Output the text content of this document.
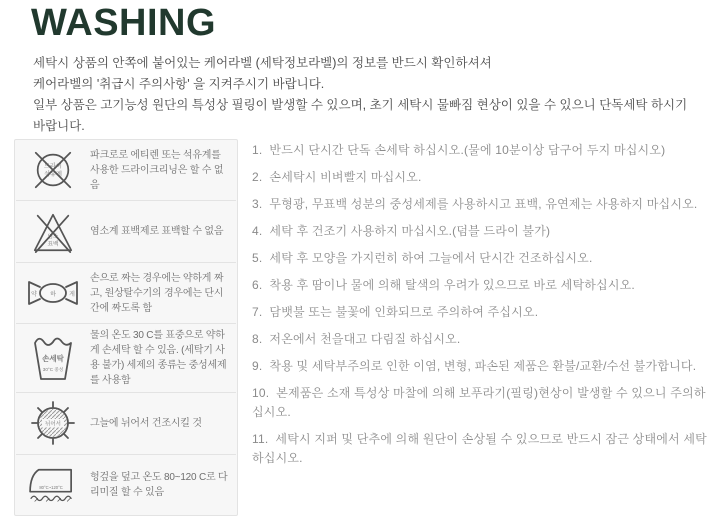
WASHING
세탁시 상품의 안쪽에 붙어있는 케어라벨 (세탁정보라벨)의 정보를 반드시 확인하셔셔
케어라벨의 '취급시 주의사항' 을 지켜주시기 바랍니다.
일부 상품은 고기능성 원단의 특성상 필링이 발생할 수 있으며, 초기 세탁시 물빠짐 현상이 있을 수 있으니 단독세탁 하시기 바랍니다.
드라이
석유계
파크로로 에티렌 또는 석유계를 사용한 드라이크리닝은 할 수 없음
염소
표백
염소계 표백제로 표백할 수 없음
약 하 게
손으로 짜는 경우에는 약하게 짜고, 원상탈수기의 경우에는 단시간에 짜도록 함
손세탁
30°C 중성
물의 온도 30 C를 표중으로 약하게 손세탁 할 수 있음. (세탁기 사용 불가) 세제의 종류는 중성세제를 사용함
뉘어서	그늘에 뉘어서 건조시킬 것
80°C~120°C
헝겊을 덮고 온도 80~120 C로 다리미질 할 수 있음
1. 반드시 단시간 단독 손세탁 하십시오.(물에 10분이상 담구어 두지 마십시오)
2. 손세탁시 비벼빨지 마십시오.
3. 무형광, 무표백 성분의 중성세제를 사용하시고 표백, 유연제는 사용하지 마십시오.
4. 세탁 후 건조기 사용하지 마십시오.(덤블 드라이 불가)
5. 세탁 후 모양을 가지런히 하여 그늘에서 단시간 건조하십시오.
6. 착용 후 땀이나 물에 의해 탈색의 우려가 있으므로 바로 세탁하십시오.
7. 담뱃불 또는 불꽃에 인화되므로 주의하여 주십시오.
8. 저온에서 천을대고 다림질 하십시오.
9. 착용 및 세탁부주의로 인한 이염, 변형, 파손된 제품은 환불/교환/수선 불가합니다.
10. 본제품은 소재 특성상 마찰에 의해 보푸라기(필링)현상이 발생할 수 있으니 주의하십시오.
11. 세탁시 지퍼 및 단추에 의해 원단이 손상될 수 있으므로 반드시 잠근 상태에서 세탁하십시오.
